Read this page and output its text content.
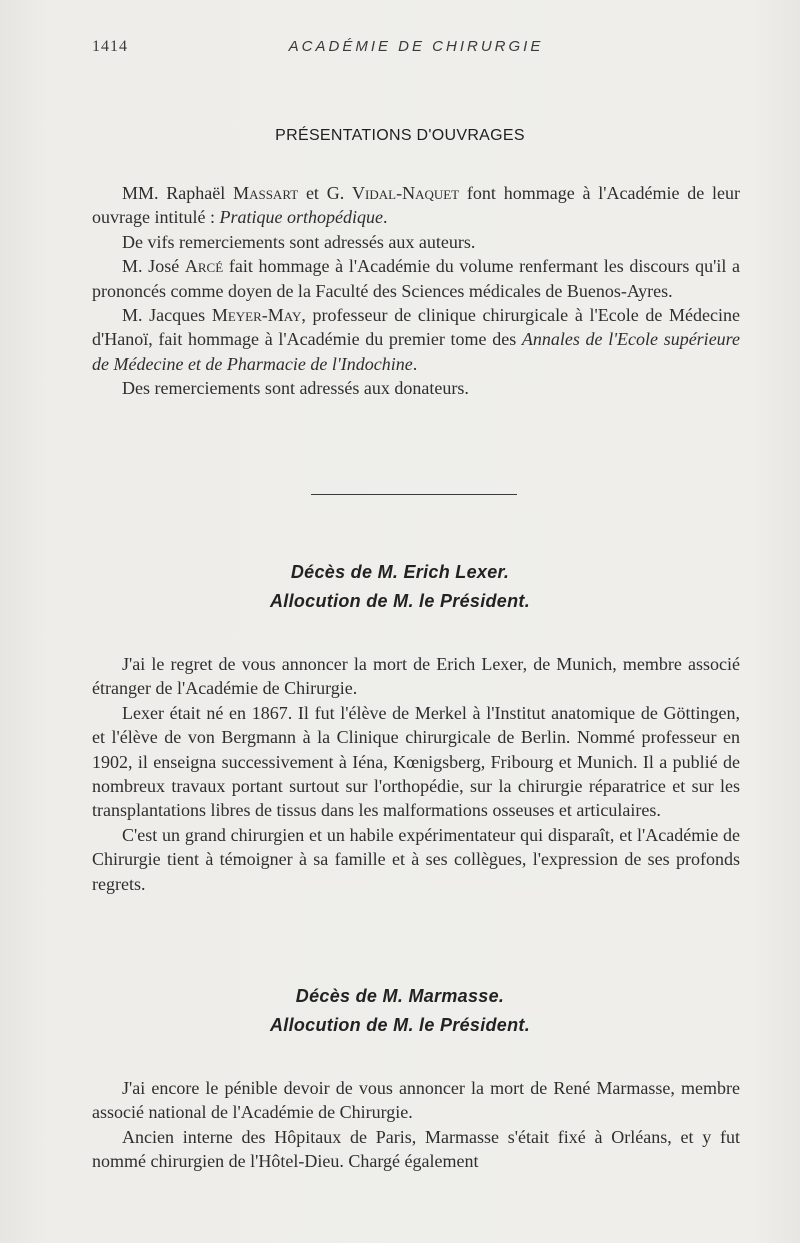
1414	ACADÉMIE DE CHIRURGIE
PRÉSENTATIONS D'OUVRAGES

MM. Raphaël Massart et G. Vidal-Naquet font hommage à l'Académie de leur ouvrage intitulé : Pratique orthopédique.

De vifs remerciements sont adressés aux auteurs.

M. José Arcé fait hommage à l'Académie du volume renfermant les discours qu'il a prononcés comme doyen de la Faculté des Sciences médicales de Buenos-Ayres.

M. Jacques Meyer-May, professeur de clinique chirurgicale à l'Ecole de Médecine d'Hanoï, fait hommage à l'Académie du premier tome des Annales de l'Ecole supérieure de Médecine et de Pharmacie de l'Indochine.

Des remerciements sont adressés aux donateurs.

Décès de M. Erich Lexer.
Allocution de M. le Président.

J'ai le regret de vous annoncer la mort de Erich Lexer, de Munich, membre associé étranger de l'Académie de Chirurgie.

Lexer était né en 1867. Il fut l'élève de Merkel à l'Institut anatomique de Göttingen, et l'élève de von Bergmann à la Clinique chirurgicale de Berlin. Nommé professeur en 1902, il enseigna successivement à Iéna, Kœnigsberg, Fribourg et Munich. Il a publié de nombreux travaux portant surtout sur l'orthopédie, sur la chirurgie réparatrice et sur les transplantations libres de tissus dans les malformations osseuses et articulaires.

C'est un grand chirurgien et un habile expérimentateur qui disparaît, et l'Académie de Chirurgie tient à témoigner à sa famille et à ses collègues, l'expression de ses profonds regrets.

Décès de M. Marmasse.
Allocution de M. le Président.

J'ai encore le pénible devoir de vous annoncer la mort de René Marmasse, membre associé national de l'Académie de Chirurgie.

Ancien interne des Hôpitaux de Paris, Marmasse s'était fixé à Orléans, et y fut nommé chirurgien de l'Hôtel-Dieu. Chargé également
